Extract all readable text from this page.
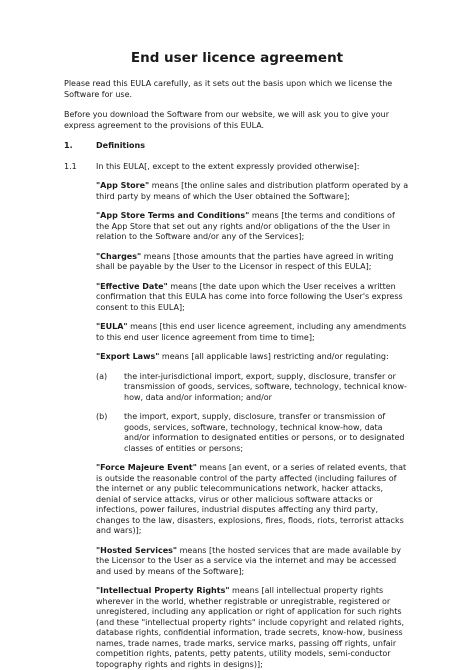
End user licence agreement

Please read this EULA carefully, as it sets out the basis upon which we license the Software for use.

Before you download the Software from our website, we will ask you to give your express agreement to the provisions of this EULA.

1.	Definitions
1.1	In this EULA[, except to the extent expressly provided otherwise]:
"App Store" means [the online sales and distribution platform operated by a third party by means of which the User obtained the Software];
"App Store Terms and Conditions" means [the terms and conditions of the App Store that set out any rights and/or obligations of the the User in relation to the Software and/or any of the Services];
"Charges" means [those amounts that the parties have agreed in writing shall be payable by the User to the Licensor in respect of this EULA];
"Effective Date" means [the date upon which the User receives a written confirmation that this EULA has come into force following the User's express consent to this EULA];
"EULA" means [this end user licence agreement, including any amendments to this end user licence agreement from time to time];
"Export Laws" means [all applicable laws] restricting and/or regulating:
(a)	the inter-jurisdictional import, export, supply, disclosure, transfer or transmission of goods, services, software, technology, technical know-how, data and/or information; and/or
(b)	the import, export, supply, disclosure, transfer or transmission of goods, services, software, technology, technical know-how, data and/or information to designated entities or persons, or to designated classes of entities or persons;
"Force Majeure Event" means [an event, or a series of related events, that is outside the reasonable control of the party affected (including failures of the internet or any public telecommunications network, hacker attacks, denial of service attacks, virus or other malicious software attacks or infections, power failures, industrial disputes affecting any third party, changes to the law, disasters, explosions, fires, floods, riots, terrorist attacks and wars)];
"Hosted Services" means [the hosted services that are made available by the Licensor to the User as a service via the internet and may be accessed and used by means of the Software];
"Intellectual Property Rights" means [all intellectual property rights wherever in the world, whether registrable or unregistrable, registered or unregistered, including any application or right of application for such rights (and these "intellectual property rights" include copyright and related rights, database rights, confidential information, trade secrets, know-how, business names, trade names, trade marks, service marks, passing off rights, unfair competition rights, patents, petty patents, utility models, semi-conductor topography rights and rights in designs)];
